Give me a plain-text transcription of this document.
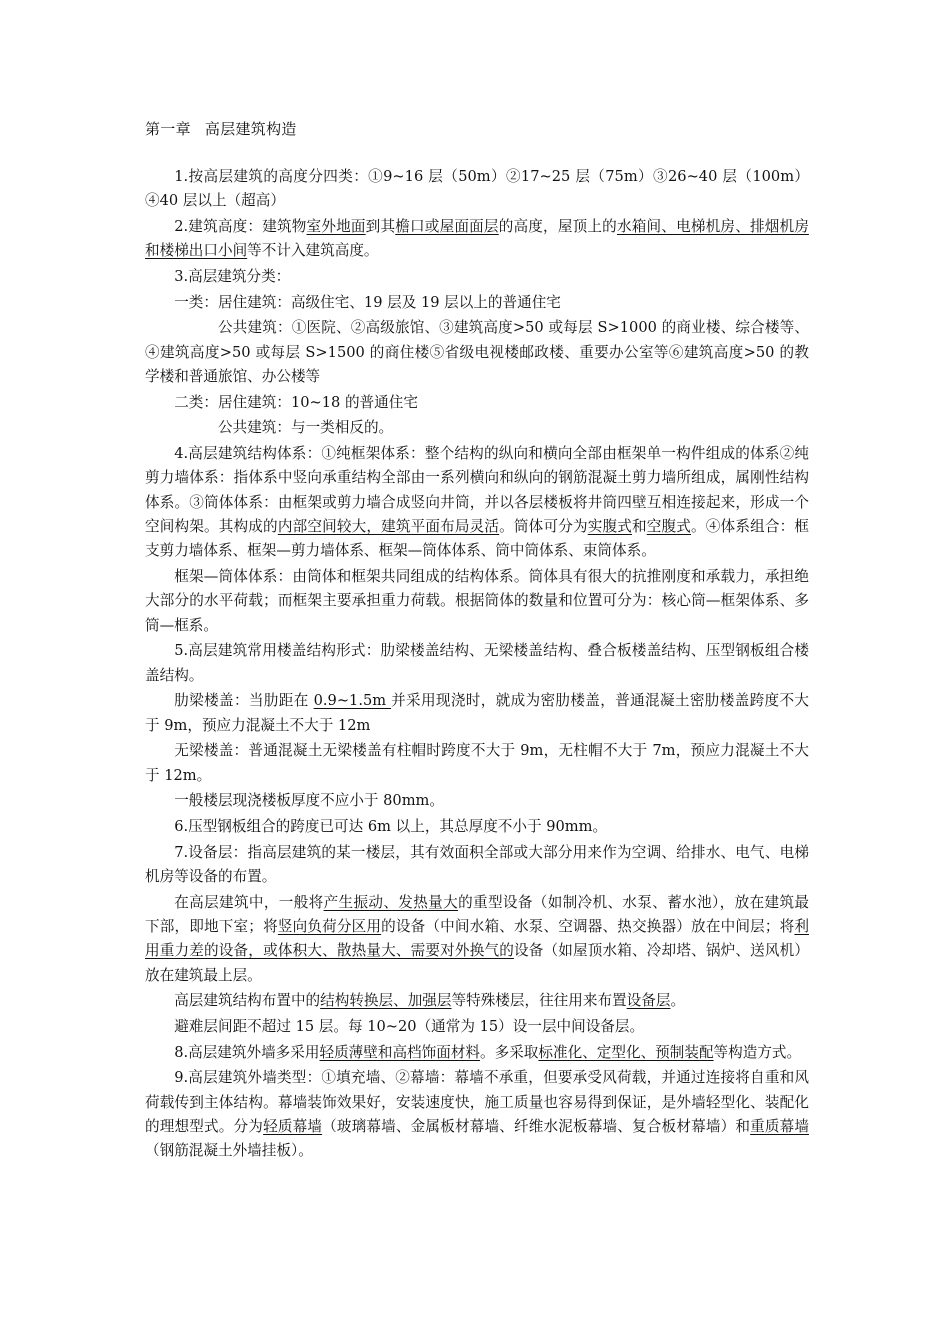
第一章 高层建筑构造

1.按高层建筑的高度分四类：①9~16 层（50m）②17~25 层（75m）③26~40 层（100m）④40 层以上（超高）

2.建筑高度：建筑物室外地面到其檐口或屋面面层的高度，屋顶上的水箱间、电梯机房、排烟机房和楼梯出口小间等不计入建筑高度。

3.高层建筑分类：

一类：居住建筑：高级住宅、19 层及 19 层以上的普通住宅

公共建筑：①医院、②高级旅馆、③建筑高度>50 或每层 S>1000 的商业楼、综合楼等、④建筑高度>50 或每层 S>1500 的商住楼⑤省级电视楼邮政楼、重要办公室等⑥建筑高度>50 的教学楼和普通旅馆、办公楼等

二类：居住建筑：10~18 的普通住宅

公共建筑：与一类相反的。

4.高层建筑结构体系：①纯框架体系：整个结构的纵向和横向全部由框架单一构件组成的体系②纯剪力墙体系：指体系中竖向承重结构全部由一系列横向和纵向的钢筋混凝土剪力墙所组成，属刚性结构体系。③筒体体系：由框架或剪力墙合成竖向井筒，并以各层楼板将井筒四壁互相连接起来，形成一个空间构架。其构成的内部空间较大，建筑平面布局灵活。筒体可分为实腹式和空腹式。④体系组合：框支剪力墙体系、框架—剪力墙体系、框架—筒体体系、筒中筒体系、束筒体系。

框架—筒体体系：由筒体和框架共同组成的结构体系。筒体具有很大的抗推刚度和承载力，承担绝大部分的水平荷载；而框架主要承担重力荷载。根据筒体的数量和位置可分为：核心筒—框架体系、多筒—框系。

5.高层建筑常用楼盖结构形式：肋梁楼盖结构、无梁楼盖结构、叠合板楼盖结构、压型钢板组合楼盖结构。

肋梁楼盖：当肋距在 0.9~1.5m 并采用现浇时，就成为密肋楼盖，普通混凝土密肋楼盖跨度不大于 9m，预应力混凝土不大于 12m

无梁楼盖：普通混凝土无梁楼盖有柱帽时跨度不大于 9m，无柱帽不大于 7m，预应力混凝土不大于 12m。

一般楼层现浇楼板厚度不应小于 80mm。

6.压型钢板组合的跨度已可达 6m 以上，其总厚度不小于 90mm。

7.设备层：指高层建筑的某一楼层，其有效面积全部或大部分用来作为空调、给排水、电气、电梯机房等设备的布置。

在高层建筑中，一般将产生振动、发热量大的重型设备（如制冷机、水泵、蓄水池），放在建筑最下部，即地下室；将竖向负荷分区用的设备（中间水箱、水泵、空调器、热交换器）放在中间层；将利用重力差的设备，或体积大、散热量大、需要对外换气的设备（如屋顶水箱、冷却塔、锅炉、送风机）放在建筑最上层。

高层建筑结构布置中的结构转换层、加强层等特殊楼层，往往用来布置设备层。

避难层间距不超过 15 层。每 10~20（通常为 15）设一层中间设备层。

8.高层建筑外墙多采用轻质薄壁和高档饰面材料。多采取标准化、定型化、预制装配等构造方式。

9.高层建筑外墙类型：①填充墙、②幕墙：幕墙不承重，但要承受风荷载，并通过连接将自重和风荷载传到主体结构。幕墙装饰效果好，安装速度快，施工质量也容易得到保证，是外墙轻型化、装配化的理想型式。分为轻质幕墙（玻璃幕墙、金属板材幕墙、纤维水泥板幕墙、复合板材幕墙）和重质幕墙（钢筋混凝土外墙挂板）。
